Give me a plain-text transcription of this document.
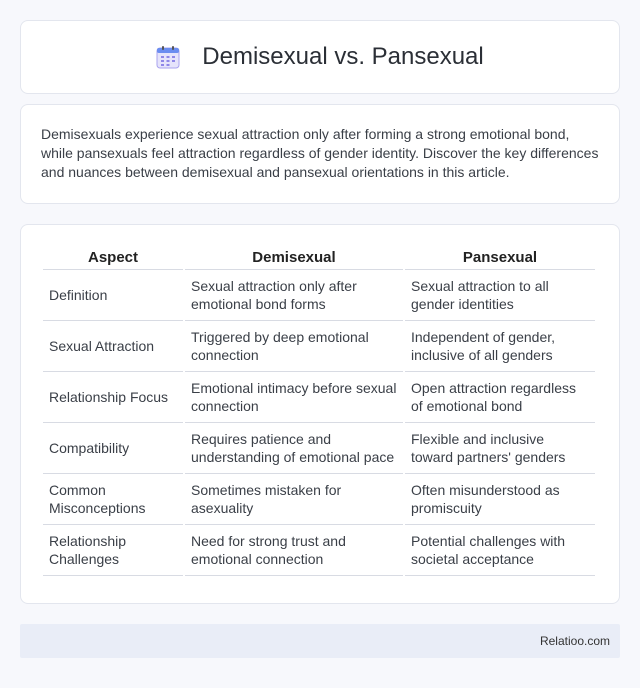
Demisexual vs. Pansexual

Demisexuals experience sexual attraction only after forming a strong emotional bond, while pansexuals feel attraction regardless of gender identity. Discover the key differences and nuances between demisexual and pansexual orientations in this article.

Aspect	Demisexual	Pansexual
Definition	Sexual attraction only after emotional bond forms	Sexual attraction to all gender identities
Sexual Attraction	Triggered by deep emotional connection	Independent of gender, inclusive of all genders
Relationship Focus	Emotional intimacy before sexual connection	Open attraction regardless of emotional bond
Compatibility	Requires patience and understanding of emotional pace	Flexible and inclusive toward partners' genders
Common Misconceptions	Sometimes mistaken for asexuality	Often misunderstood as promiscuity
Relationship Challenges	Need for strong trust and emotional connection	Potential challenges with societal acceptance
Relatioo.com
